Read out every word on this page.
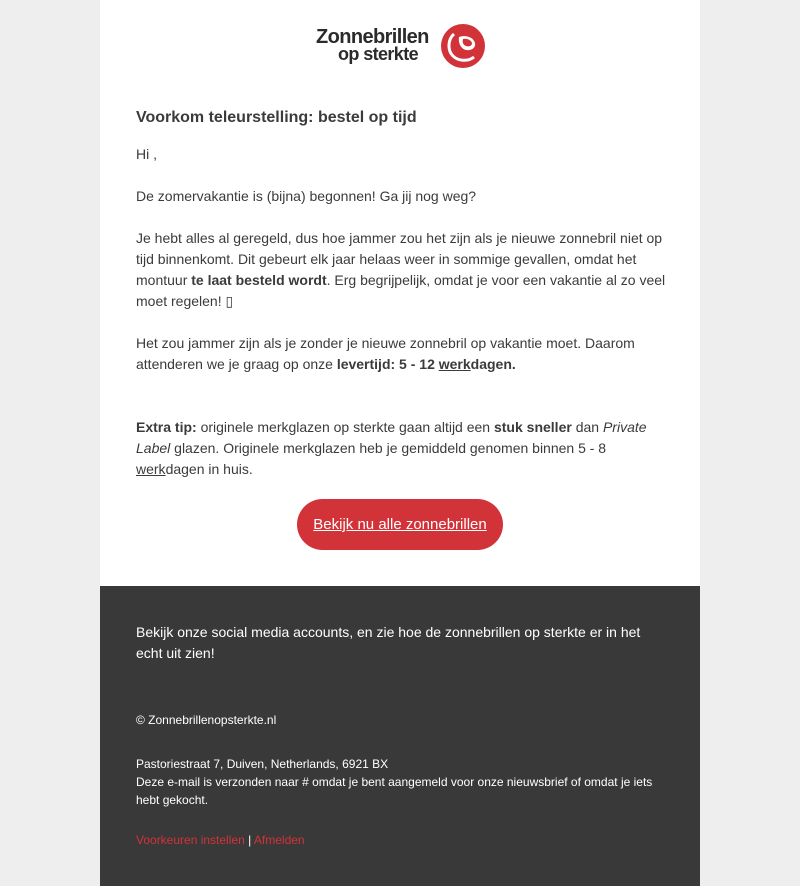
Zonnebrillen
op sterkte
Voorkom teleurstelling: bestel op tijd

Hi ,

De zomervakantie is (bijna) begonnen! Ga jij nog weg?

Je hebt alles al geregeld, dus hoe jammer zou het zijn als je nieuwe zonnebril niet op tijd binnenkomt. Dit gebeurt elk jaar helaas weer in sommige gevallen, omdat het montuur te laat besteld wordt. Erg begrijpelijk, omdat je voor een vakantie al zo veel moet regelen! ▯

Het zou jammer zijn als je zonder je nieuwe zonnebril op vakantie moet. Daarom attenderen we je graag op onze levertijd: 5 - 12 werkdagen.

Extra tip: originele merkglazen op sterkte gaan altijd een stuk sneller dan Private Label glazen. Originele merkglazen heb je gemiddeld genomen binnen 5 - 8 werkdagen in huis.

Bekijk nu alle zonnebrillen
Bekijk onze social media accounts, en zie hoe de zonnebrillen op sterkte er in het echt uit zien!
© Zonnebrillenopsterkte.nl
Pastoriestraat 7, Duiven, Netherlands, 6921 BX
Deze e-mail is verzonden naar # omdat je bent aangemeld voor onze nieuwsbrief of omdat je iets hebt gekocht.
Voorkeuren instellen | Afmelden
